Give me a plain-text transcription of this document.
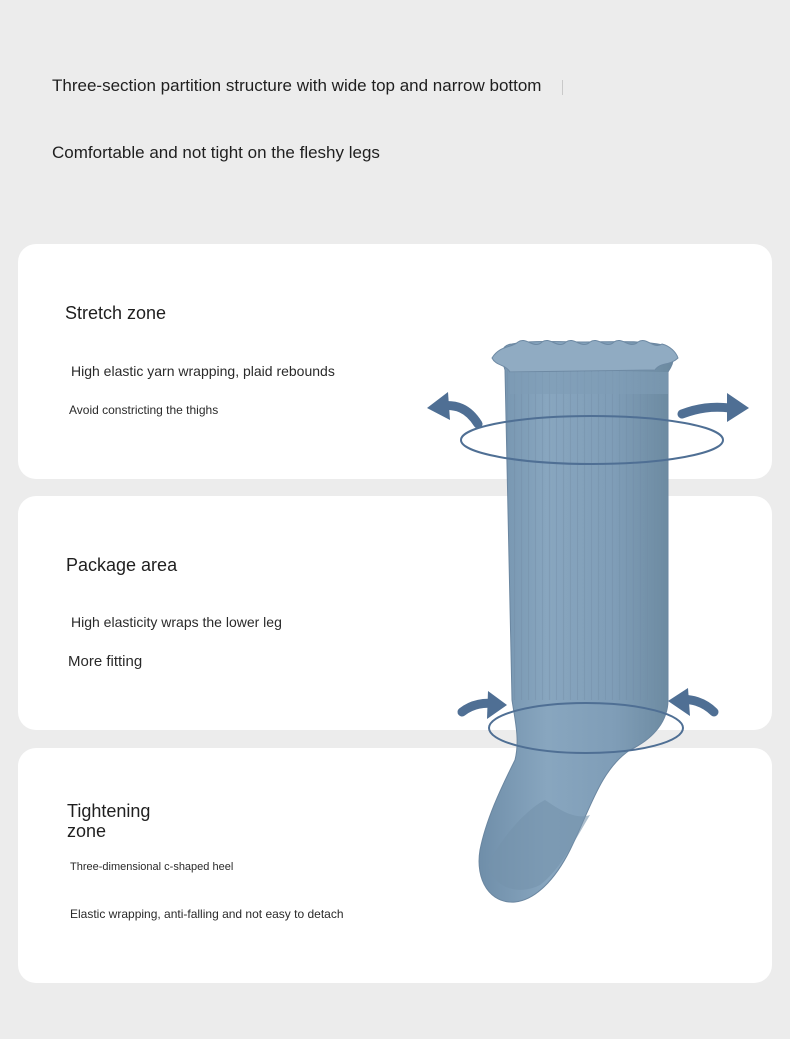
Three-section partition structure with wide top and narrow bottom
Comfortable and not tight on the fleshy legs
Stretch zone
High elastic yarn wrapping, plaid rebounds
Avoid constricting the thighs
Package area
High elasticity wraps the lower leg
More fitting
Tightening zone
Three-dimensional c-shaped heel
Elastic wrapping, anti-falling and not easy to detach
